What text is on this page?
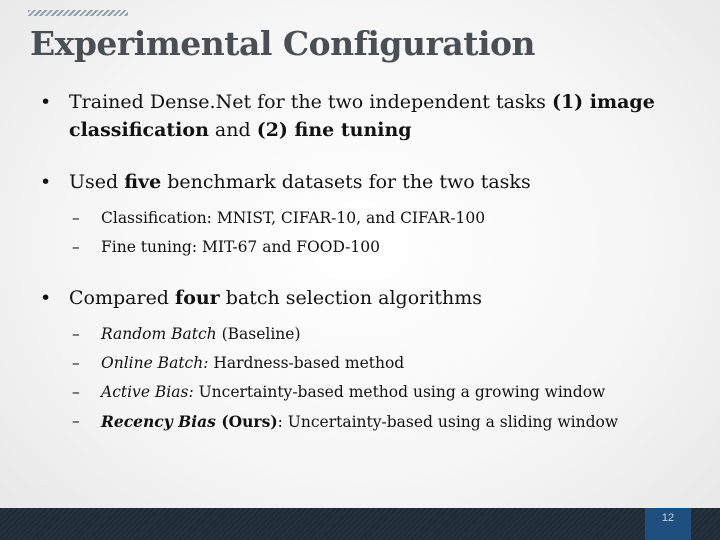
Experimental Configuration
• Trained Dense.Net for the two independent tasks (1) image classification and (2) fine tuning
• Used five benchmark datasets for the two tasks
– Classification: MNIST, CIFAR-10, and CIFAR-100
– Fine tuning: MIT-67 and FOOD-100
• Compared four batch selection algorithms
– Random Batch (Baseline)
– Online Batch: Hardness-based method
– Active Bias: Uncertainty-based method using a growing window
– Recency Bias (Ours): Uncertainty-based using a sliding window
12
